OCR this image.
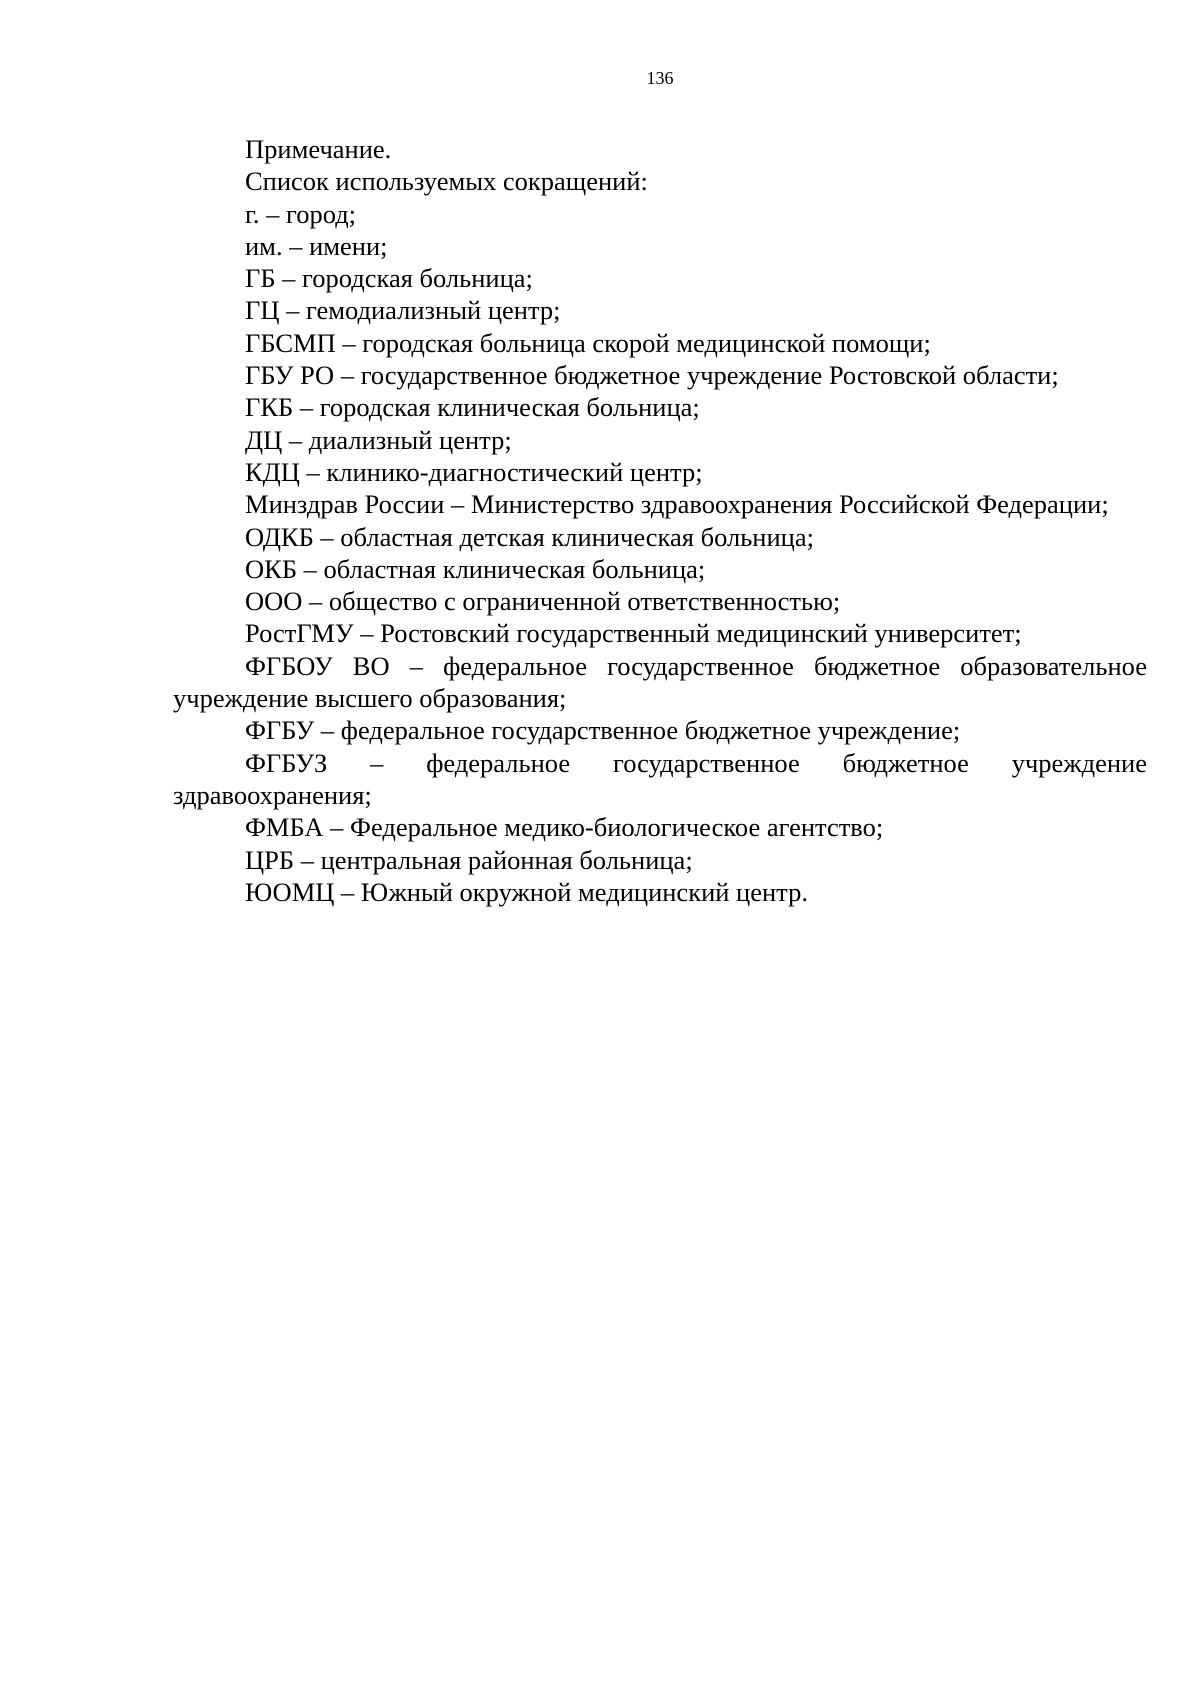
136

Примечание.

Список используемых сокращений:

г. – город;

им. – имени;

ГБ – городская больница;

ГЦ – гемодиализный центр;

ГБСМП – городская больница скорой медицинской помощи;

ГБУ РО – государственное бюджетное учреждение Ростовской области;

ГКБ – городская клиническая больница;

ДЦ – диализный центр;

КДЦ – клинико-диагностический центр;

Минздрав России – Министерство здравоохранения Российской Федерации;

ОДКБ – областная детская клиническая больница;

ОКБ – областная клиническая больница;

ООО – общество с ограниченной ответственностью;

РостГМУ – Ростовский государственный медицинский университет;

ФГБОУ ВО – федеральное государственное бюджетное образовательное учреждение высшего образования;

ФГБУ – федеральное государственное бюджетное учреждение;

ФГБУЗ – федеральное государственное бюджетное учреждение здравоохранения;

ФМБА – Федеральное медико-биологическое агентство;

ЦРБ – центральная районная больница;

ЮОМЦ – Южный окружной медицинский центр.
